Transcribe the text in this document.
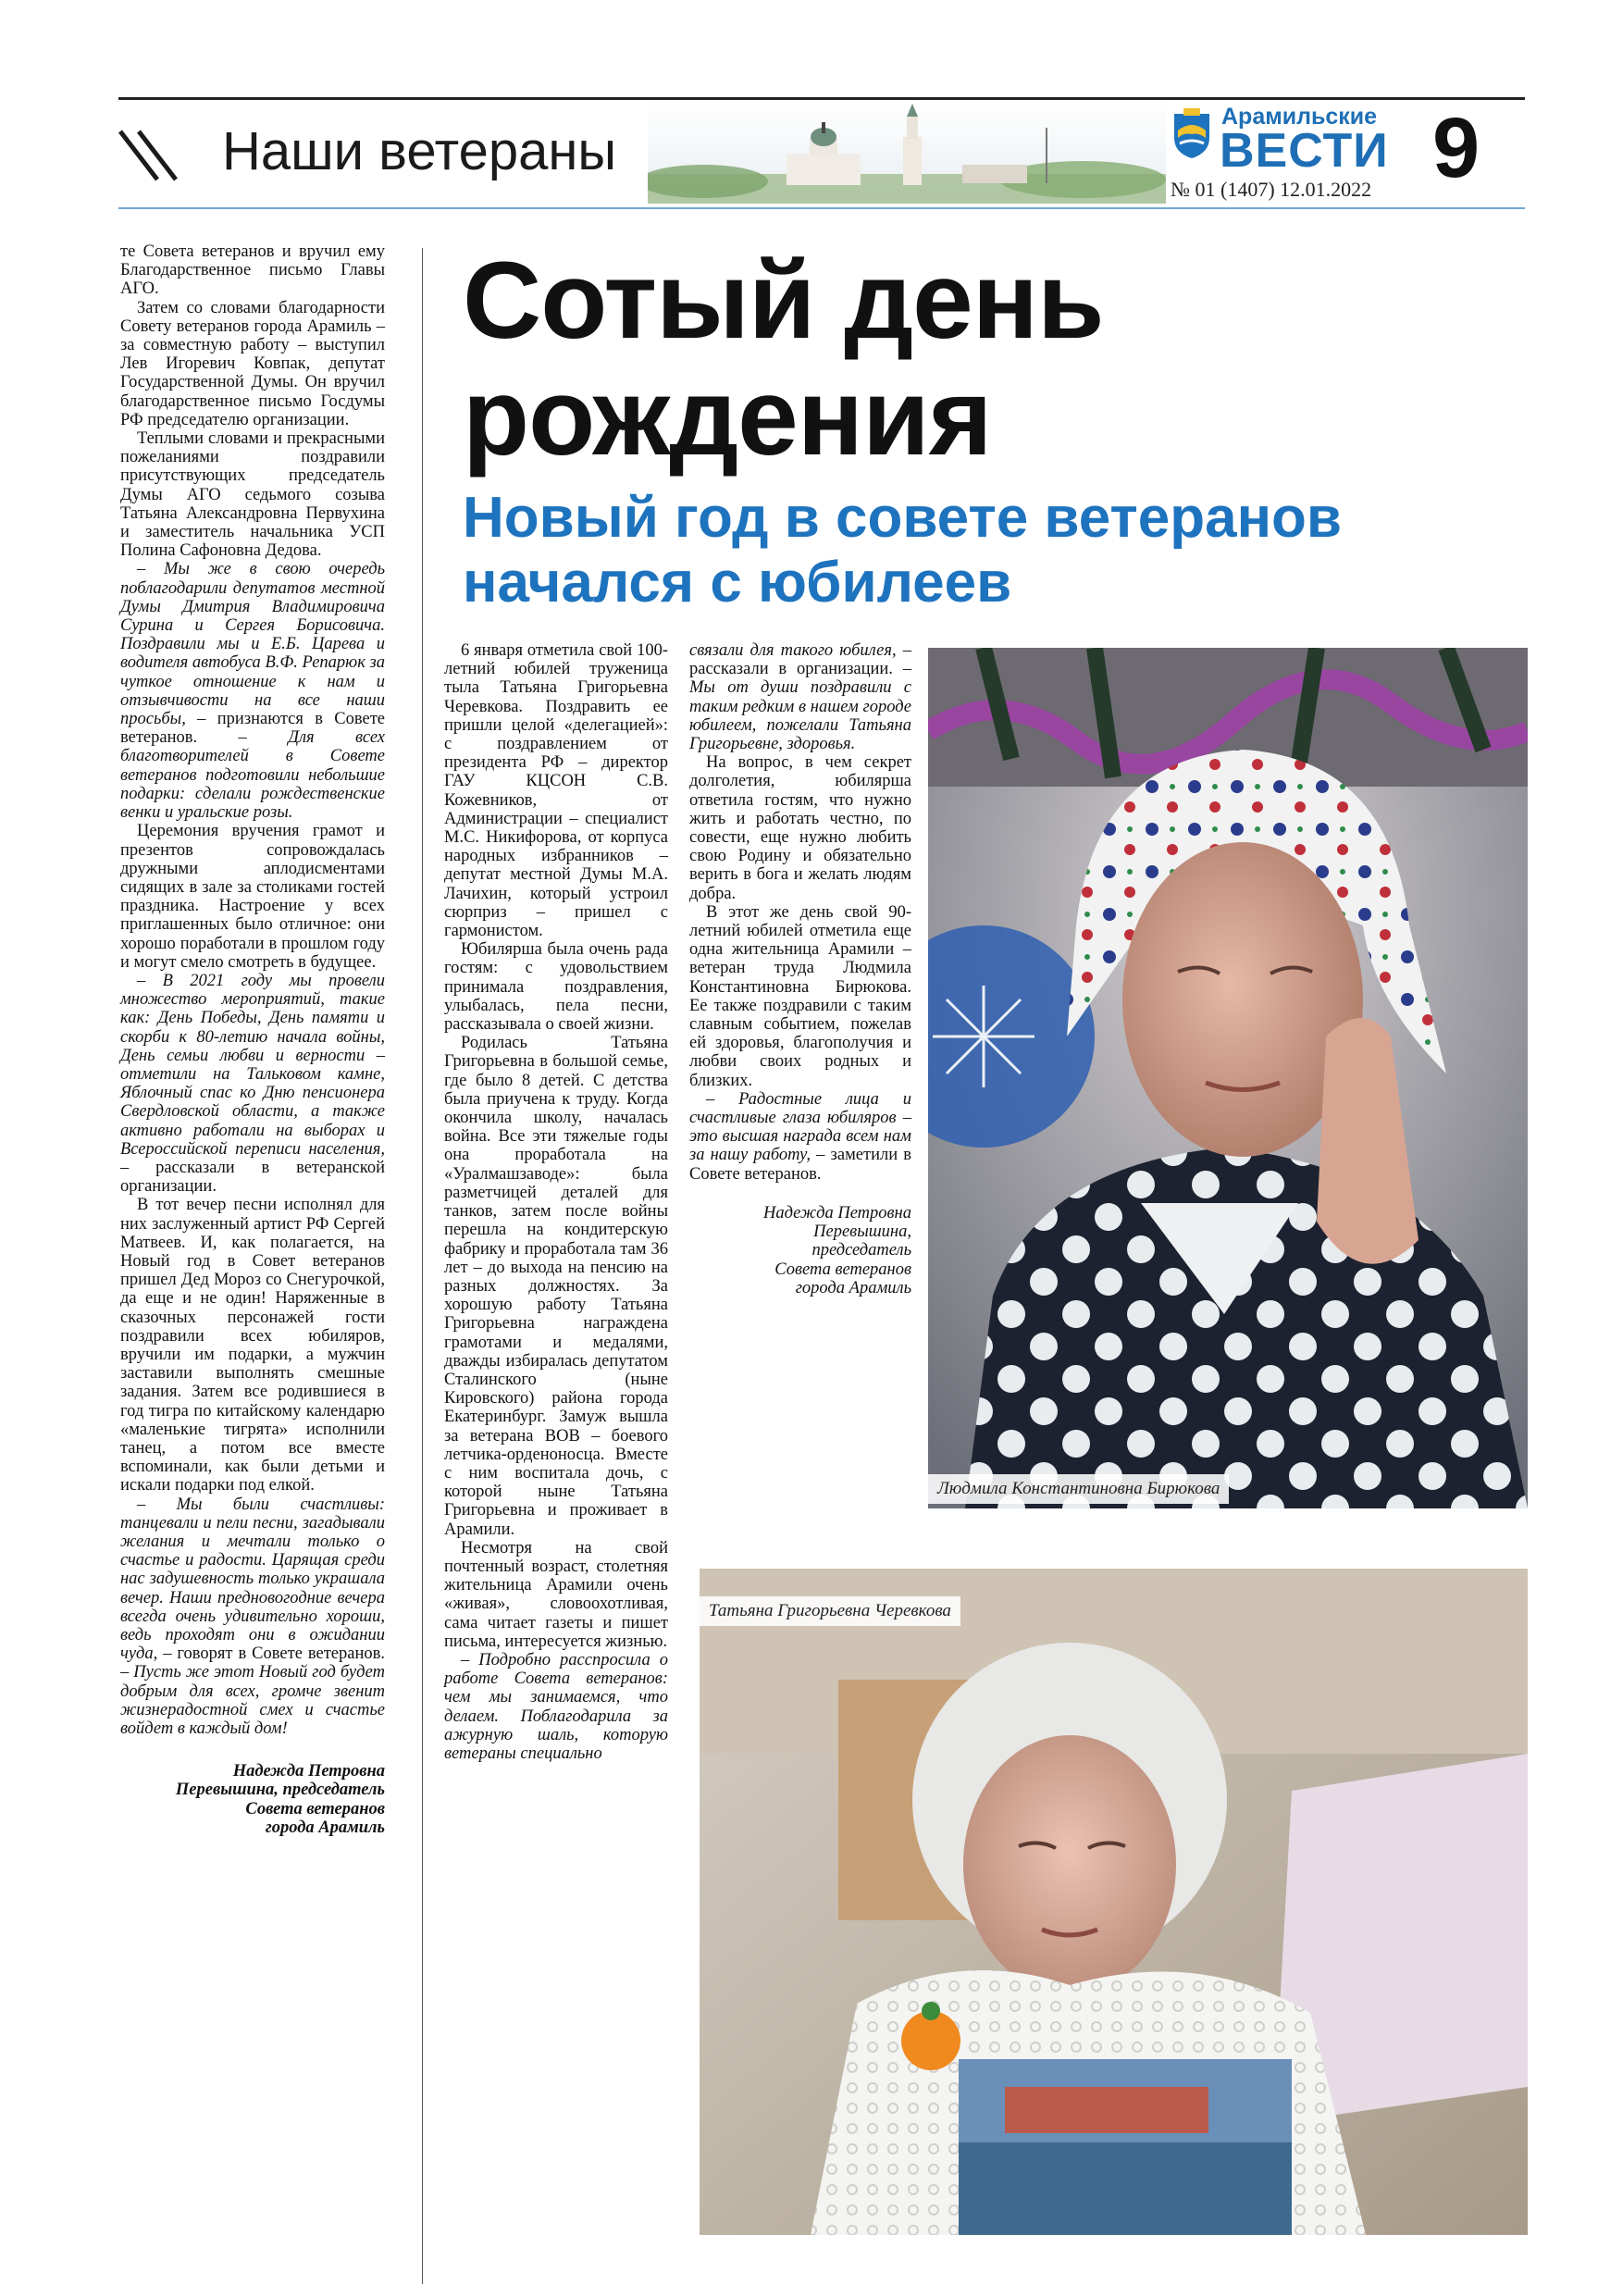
Наши ветераны
Арамильские
ВЕСТИ
№ 01 (1407) 12.01.2022 9
Сотый день
рождения
Новый год в совете ветеранов
начался с юбилеев

те Совета ветеранов и вручил ему Благодарственное письмо Главы АГО.

Затем со словами благодарности Совету ветеранов города Арамиль – за совместную работу – выступил Лев Игоревич Ковпак, депутат Государственной Думы. Он вручил благодарственное письмо Госдумы РФ председателю организации.

Теплыми словами и прекрасными пожеланиями поздравили присутствующих председатель Думы АГО седьмого созыва Татьяна Александровна Первухина и заместитель начальника УСП Полина Сафоновна Дедова.

– Мы же в свою очередь поблагодарили депутатов местной Думы Дмитрия Владимировича Сурина и Сергея Борисовича. Поздравили мы и Е.Б. Царева и водителя автобуса В.Ф. Репарюк за чуткое отношение к нам и отзывчивости на все наши просьбы, – признаются в Совете ветеранов. – Для всех благотворителей в Совете ветеранов подготовили небольшие подарки: сделали рождественские венки и уральские розы.

Церемония вручения грамот и презентов сопровождалась дружными аплодисментами сидящих в зале за столиками гостей праздника. Настроение у всех приглашенных было отличное: они хорошо поработали в прошлом году и могут смело смотреть в будущее.

– В 2021 году мы провели множество мероприятий, такие как: День Победы, День памяти и скорби к 80-летию начала войны, День семьи любви и верности – отметили на Тальковом камне, Яблочный спас ко Дню пенсионера Свердловской области, а также активно работали на выборах и Всероссийской переписи населения, – рассказали в ветеранской организации.

В тот вечер песни исполнял для них заслуженный артист РФ Сергей Матвеев. И, как полагается, на Новый год в Совет ветеранов пришел Дед Мороз со Снегурочкой, да еще и не один! Наряженные в сказочных персонажей гости поздравили всех юбиляров, вручили им подарки, а мужчин заставили выполнять смешные задания. Затем все родившиеся в год тигра по китайскому календарю «маленькие тигрята» исполнили танец, а потом все вместе вспоминали, как были детьми и искали подарки под елкой.

– Мы были счастливы: танцевали и пели песни, загадывали желания и мечтали только о счастье и радости. Царящая среди нас задушевность только украшала вечер. Наши предновогодние вечера всегда очень удивительно хороши, ведь проходят они в ожидании чуда, – говорят в Совете ветеранов. – Пусть же этот Новый год будет добрым для всех, громче звенит жизнерадостной смех и счастье войдет в каждый дом!

Надежда Петровна
Перевышина, председатель
Совета ветеранов
города Арамиль

6 января отметила свой 100-летний юбилей труженица тыла Татьяна Григорьевна Черевкова. Поздравить ее пришли целой «делегацией»: с поздравлением от президента РФ – директор ГАУ КЦСОН С.В. Кожевников, от Администрации – специалист М.С. Никифорова, от корпуса народных избранников – депутат местной Думы М.А. Лачихин, который устроил сюрприз – пришел с гармонистом.

Юбилярша была очень рада гостям: с удовольствием принимала поздравления, улыбалась, пела песни, рассказывала о своей жизни.

Родилась Татьяна Григорьевна в большой семье, где было 8 детей. С детства была приучена к труду. Когда окончила школу, началась война. Все эти тяжелые годы она проработала на «Уралмашзаводе»: была разметчицей деталей для танков, затем после войны перешла на кондитерскую фабрику и проработала там 36 лет – до выхода на пенсию на разных должностях. За хорошую работу Татьяна Григорьевна награждена грамотами и медалями, дважды избиралась депутатом Сталинского (ныне Кировского) района города Екатеринбург. Замуж вышла за ветерана ВОВ – боевого летчика-орденоносца. Вместе с ним воспитала дочь, с которой ныне Татьяна Григорьевна и проживает в Арамили.

Несмотря на свой почтенный возраст, столетняя жительница Арамили очень «живая», словоохотливая, сама читает газеты и пишет письма, интересуется жизнью.

– Подробно расспросила о работе Совета ветеранов: чем мы занимаемся, что делаем. Поблагодарила за ажурную шаль, которую ветераны специально

связали для такого юбилея, – рассказали в организации. – Мы от души поздравили с таким редким в нашем городе юбилеем, пожелали Татьяна Григорьевне, здоровья.

На вопрос, в чем секрет долголетия, юбилярша ответила гостям, что нужно жить и работать честно, по совести, еще нужно любить свою Родину и обязательно верить в бога и желать людям добра.

В этот же день свой 90-летний юбилей отметила еще одна жительница Арамили – ветеран труда Людмила Константиновна Бирюкова. Ее также поздравили с таким славным событием, пожелав ей здоровья, благополучия и любви своих родных и близких.

– Радостные лица и счастливые глаза юбиляров – это высшая награда всем нам за нашу работу, – заметили в Совете ветеранов.

Надежда Петровна
Перевышина,
председатель
Совета ветеранов
города Арамиль

Людмила Константиновна Бирюкова
Татьяна Григорьевна Черевкова
